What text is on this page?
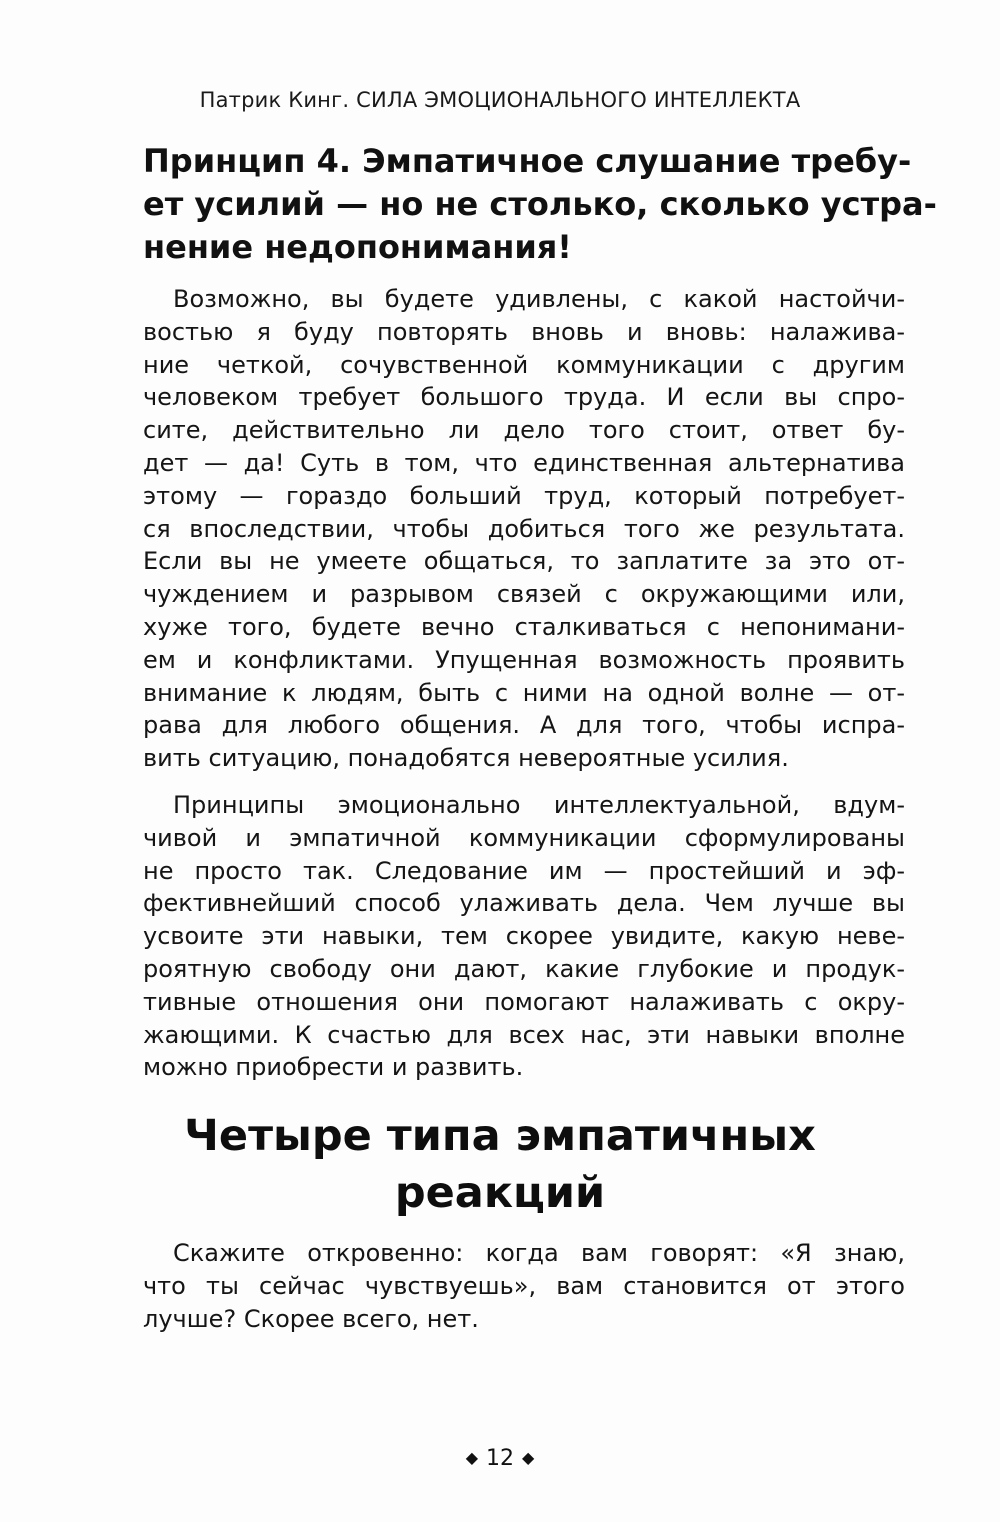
Патрик Кинг. СИЛА ЭМОЦИОНАЛЬНОГО ИНТЕЛЛЕКТА
Принцип 4. Эмпатичное слушание требу-
ет усилий — но не столько, сколько устра-
нение недопонимания!
Возможно, вы будете удивлены, с какой настойчи-
востью я буду повторять вновь и вновь: налажива-
ние четкой, сочувственной коммуникации с другим
человеком требует большого труда. И если вы спро-
сите, действительно ли дело того стоит, ответ бу-
дет — да! Суть в том, что единственная альтернатива
этому — гораздо больший труд, который потребует-
ся впоследствии, чтобы добиться того же результата.
Если вы не умеете общаться, то заплатите за это от-
чуждением и разрывом связей с окружающими или,
хуже того, будете вечно сталкиваться с непонимани-
ем и конфликтами. Упущенная возможность проявить
внимание к людям, быть с ними на одной волне — от-
рава для любого общения. А для того, чтобы испра-
вить ситуацию, понадобятся невероятные усилия.
Принципы эмоционально интеллектуальной, вдум-
чивой и эмпатичной коммуникации сформулированы
не просто так. Следование им — простейший и эф-
фективнейший способ улаживать дела. Чем лучше вы
усвоите эти навыки, тем скорее увидите, какую неве-
роятную свободу они дают, какие глубокие и продук-
тивные отношения они помогают налаживать с окру-
жающими. К счастью для всех нас, эти навыки вполне
можно приобрести и развить.
Четыре типа эмпатичных
реакций
Скажите откровенно: когда вам говорят: «Я знаю,
что ты сейчас чувствуешь», вам становится от этого
лучше? Скорее всего, нет.
◆ 12 ◆
